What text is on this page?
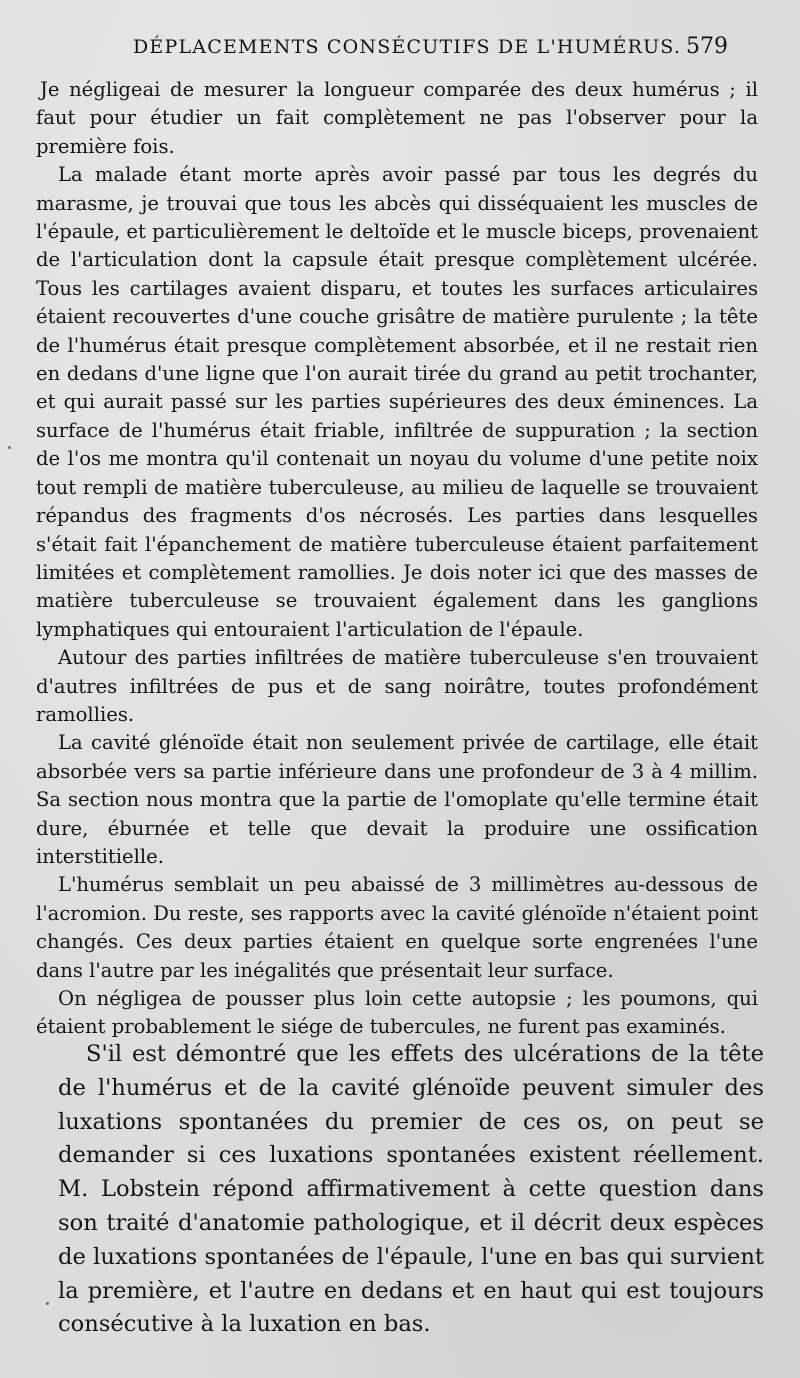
DÉPLACEMENTS CONSÉCUTIFS DE L'HUMÉRUS. 579

Je négligeai de mesurer la longueur comparée des deux humérus ; il faut pour étudier un fait complètement ne pas l'observer pour la première fois.

La malade étant morte après avoir passé par tous les degrés du marasme, je trouvai que tous les abcès qui disséquaient les muscles de l'épaule, et particulièrement le deltoïde et le muscle biceps, provenaient de l'articulation dont la capsule était presque complètement ulcérée. Tous les cartilages avaient disparu, et toutes les surfaces articulaires étaient recouvertes d'une couche grisâtre de matière purulente ; la tête de l'humérus était presque complètement absorbée, et il ne restait rien en dedans d'une ligne que l'on aurait tirée du grand au petit trochanter, et qui aurait passé sur les parties supérieures des deux éminences. La surface de l'humérus était friable, infiltrée de suppuration ; la section de l'os me montra qu'il contenait un noyau du volume d'une petite noix tout rempli de matière tuberculeuse, au milieu de laquelle se trouvaient répandus des fragments d'os nécrosés. Les parties dans lesquelles s'était fait l'épanchement de matière tuberculeuse étaient parfaitement limitées et complètement ramollies. Je dois noter ici que des masses de matière tuberculeuse se trouvaient également dans les ganglions lymphatiques qui entouraient l'articulation de l'épaule.

Autour des parties infiltrées de matière tuberculeuse s'en trouvaient d'autres infiltrées de pus et de sang noirâtre, toutes profondément ramollies.

La cavité glénoïde était non seulement privée de cartilage, elle était absorbée vers sa partie inférieure dans une profondeur de 3 à 4 millim. Sa section nous montra que la partie de l'omoplate qu'elle termine était dure, éburnée et telle que devait la produire une ossification interstitielle.

L'humérus semblait un peu abaissé de 3 millimètres au-dessous de l'acromion. Du reste, ses rapports avec la cavité glénoïde n'étaient point changés. Ces deux parties étaient en quelque sorte engrenées l'une dans l'autre par les inégalités que présentait leur surface.

On négligea de pousser plus loin cette autopsie ; les poumons, qui étaient probablement le siége de tubercules, ne furent pas examinés.

S'il est démontré que les effets des ulcérations de la tête de l'humérus et de la cavité glénoïde peuvent simuler des luxations spontanées du premier de ces os, on peut se demander si ces luxations spontanées existent réellement. M. Lobstein répond affirmativement à cette question dans son traité d'anatomie pathologique, et il décrit deux espèces de luxations spontanées de l'épaule, l'une en bas qui survient la première, et l'autre en dedans et en haut qui est toujours consécutive à la luxation en bas.
